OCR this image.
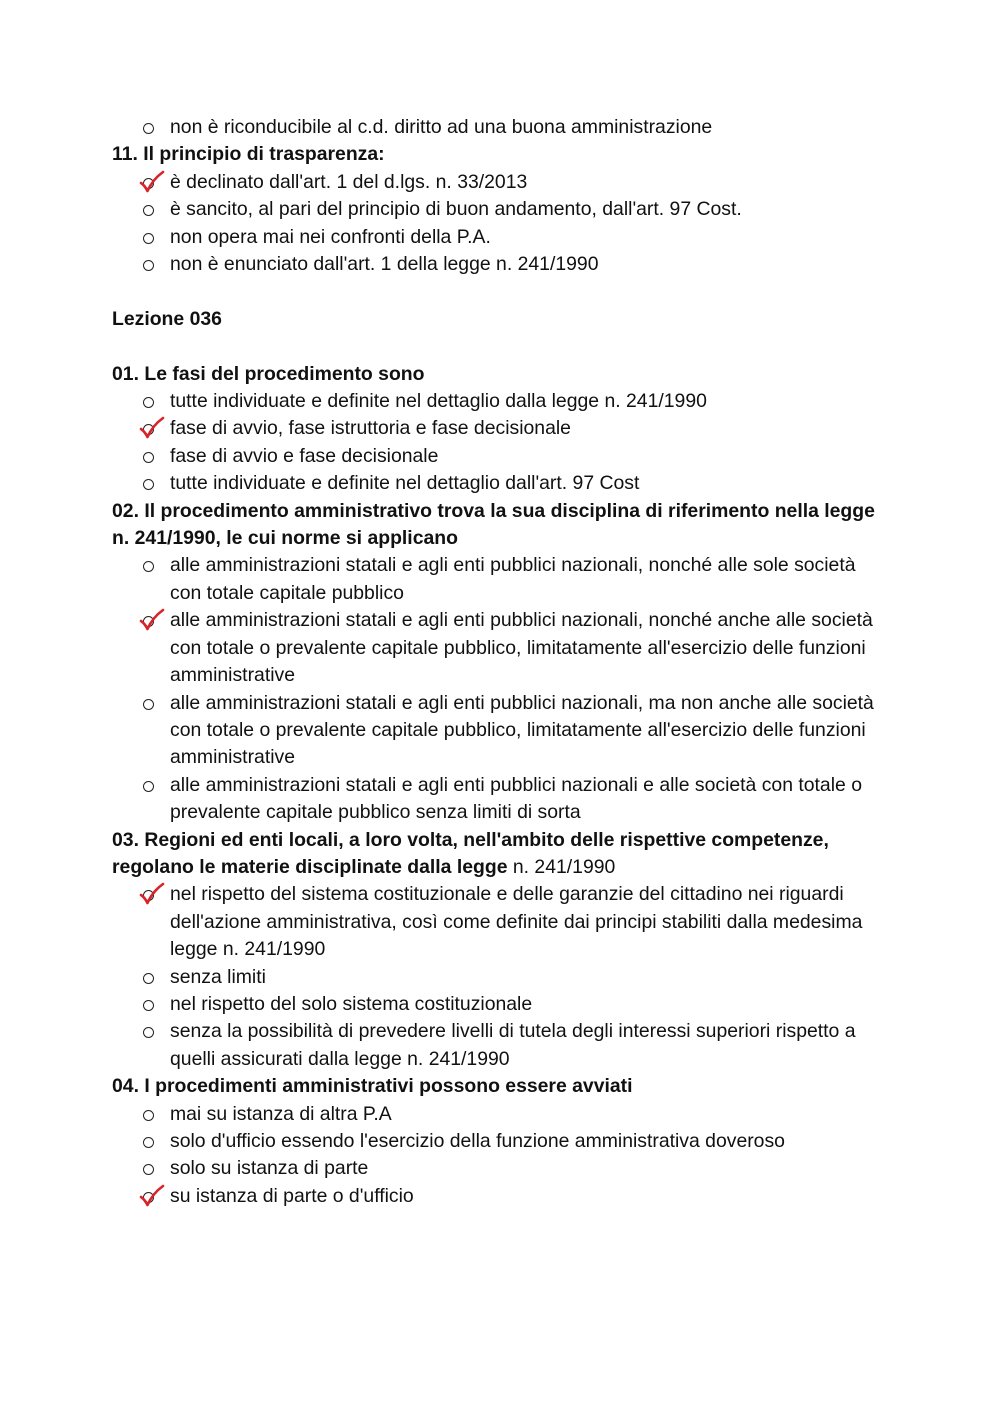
non è riconducibile al c.d. diritto ad una buona amministrazione

11. Il principio di trasparenza:

è declinato dall'art. 1 del d.lgs. n. 33/2013
è sancito, al pari del principio di buon andamento, dall'art. 97 Cost.
non opera mai nei confronti della P.A.
non è enunciato dall'art. 1 della legge n. 241/1990

Lezione 036

01. Le fasi del procedimento sono

tutte individuate e definite nel dettaglio dalla legge n. 241/1990
fase di avvio, fase istruttoria e fase decisionale
fase di avvio e fase decisionale
tutte individuate e definite nel dettaglio dall'art. 97 Cost

02. Il procedimento amministrativo trova la sua disciplina di riferimento nella legge n. 241/1990, le cui norme si applicano

alle amministrazioni statali e agli enti pubblici nazionali, nonché alle sole società con totale capitale pubblico
alle amministrazioni statali e agli enti pubblici nazionali, nonché anche alle società con totale o prevalente capitale pubblico, limitatamente all'esercizio delle funzioni amministrative
alle amministrazioni statali e agli enti pubblici nazionali, ma non anche alle società con totale o prevalente capitale pubblico, limitatamente all'esercizio delle funzioni amministrative
alle amministrazioni statali e agli enti pubblici nazionali e alle società con totale o prevalente capitale pubblico senza limiti di sorta

03. Regioni ed enti locali, a loro volta, nell'ambito delle rispettive competenze, regolano le materie disciplinate dalla legge n. 241/1990

nel rispetto del sistema costituzionale e delle garanzie del cittadino nei riguardi dell'azione amministrativa, così come definite dai principi stabiliti dalla medesima legge n. 241/1990
senza limiti
nel rispetto del solo sistema costituzionale
senza la possibilità di prevedere livelli di tutela degli interessi superiori rispetto a quelli assicurati dalla legge n. 241/1990

04. I procedimenti amministrativi possono essere avviati

mai su istanza di altra P.A
solo d'ufficio essendo l'esercizio della funzione amministrativa doveroso
solo su istanza di parte
su istanza di parte o d'ufficio
